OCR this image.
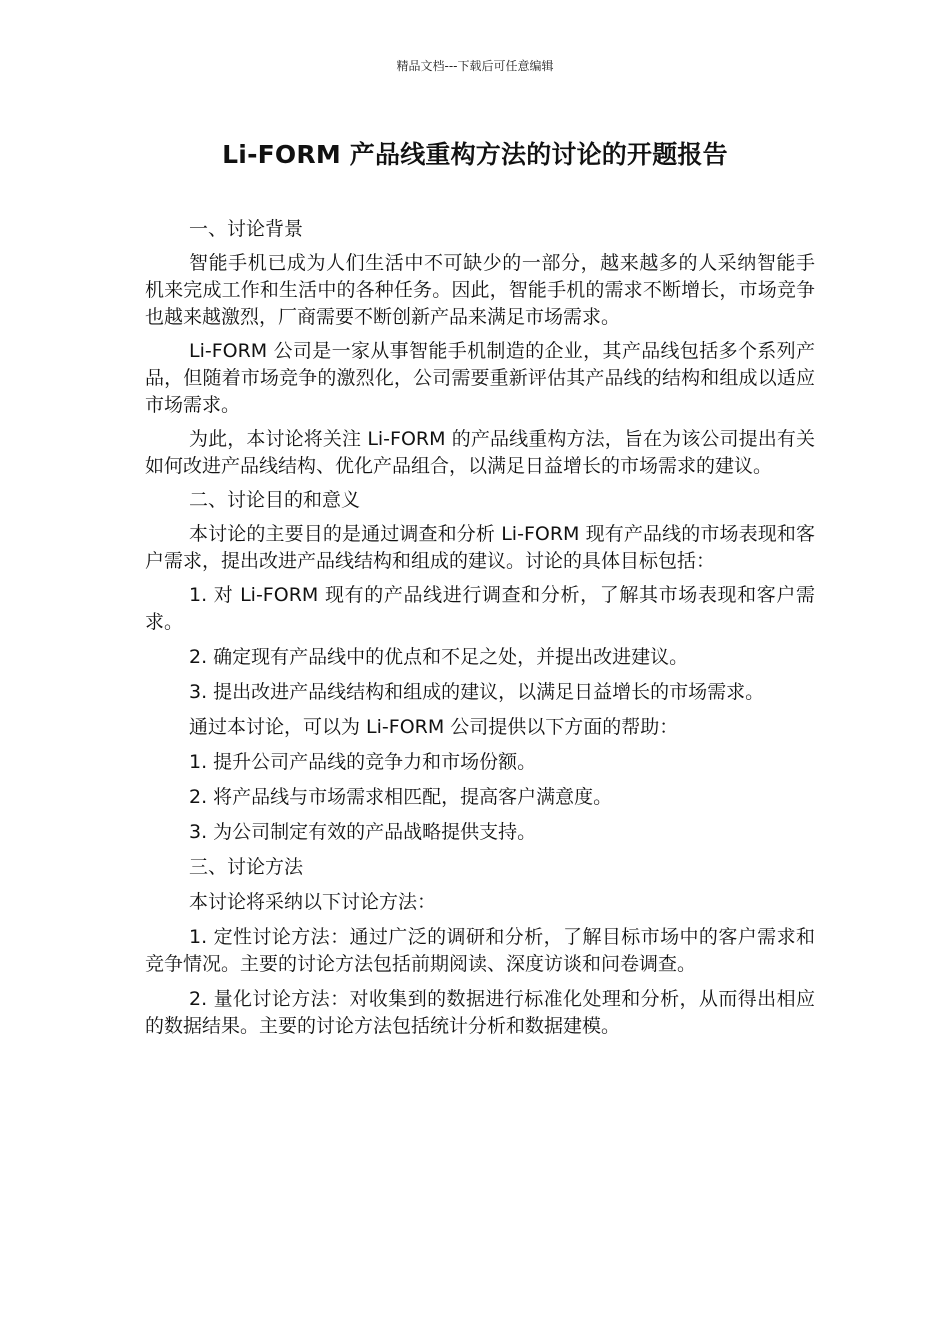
精品文档---下载后可任意编辑
Li-FORM 产品线重构方法的讨论的开题报告

一、讨论背景

智能手机已成为人们生活中不可缺少的一部分，越来越多的人采纳智能手机来完成工作和生活中的各种任务。因此，智能手机的需求不断增长，市场竞争也越来越激烈，厂商需要不断创新产品来满足市场需求。

Li-FORM 公司是一家从事智能手机制造的企业，其产品线包括多个系列产品，但随着市场竞争的激烈化，公司需要重新评估其产品线的结构和组成以适应市场需求。

为此，本讨论将关注 Li-FORM 的产品线重构方法，旨在为该公司提出有关如何改进产品线结构、优化产品组合，以满足日益增长的市场需求的建议。

二、讨论目的和意义

本讨论的主要目的是通过调查和分析 Li-FORM 现有产品线的市场表现和客户需求，提出改进产品线结构和组成的建议。讨论的具体目标包括：

1. 对 Li-FORM 现有的产品线进行调查和分析，了解其市场表现和客户需求。

2. 确定现有产品线中的优点和不足之处，并提出改进建议。

3. 提出改进产品线结构和组成的建议，以满足日益增长的市场需求。

通过本讨论，可以为 Li-FORM 公司提供以下方面的帮助：

1. 提升公司产品线的竞争力和市场份额。

2. 将产品线与市场需求相匹配，提高客户满意度。

3. 为公司制定有效的产品战略提供支持。

三、讨论方法

本讨论将采纳以下讨论方法：

1. 定性讨论方法：通过广泛的调研和分析，了解目标市场中的客户需求和竞争情况。主要的讨论方法包括前期阅读、深度访谈和问卷调查。

2. 量化讨论方法：对收集到的数据进行标准化处理和分析，从而得出相应的数据结果。主要的讨论方法包括统计分析和数据建模。
